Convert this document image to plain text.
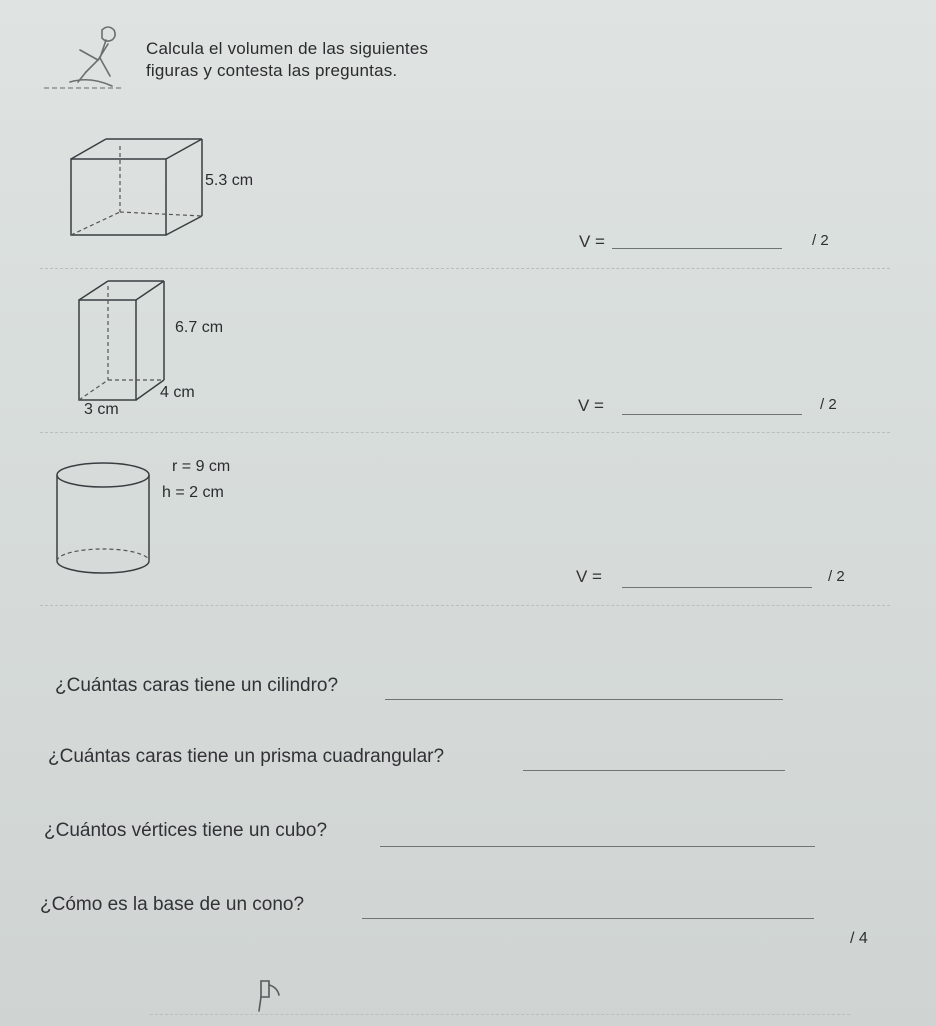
Calcula el volumen de las siguientes
figuras y contesta las preguntas.
5.3 cm
V =	/ 2
6.7 cm
4 cm
3 cm	V =	/ 2
r = 9 cm
h = 2 cm
V =	/ 2
¿Cuántas caras tiene un cilindro?
¿Cuántas caras tiene un prisma cuadrangular?
¿Cuántos vértices tiene un cubo?
¿Cómo es la base de un cono?
/ 4
